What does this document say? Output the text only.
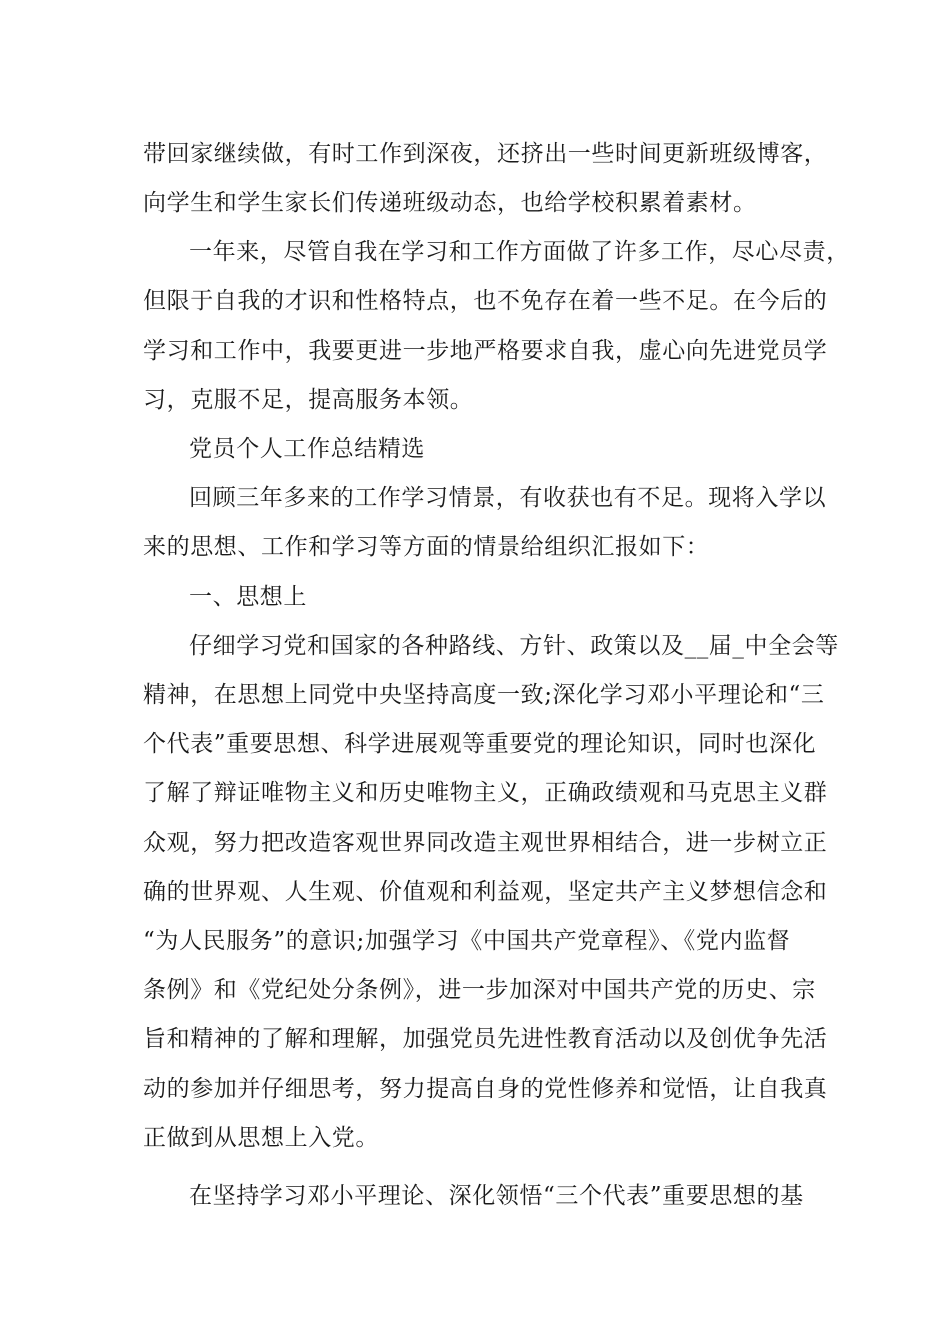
带回家继续做，有时工作到深夜，还挤出一些时间更新班级博客，
向学生和学生家长们传递班级动态，也给学校积累着素材。
一年来，尽管自我在学习和工作方面做了许多工作，尽心尽责，
但限于自我的才识和性格特点，也不免存在着一些不足。在今后的
学习和工作中，我要更进一步地严格要求自我，虚心向先进党员学
习，克服不足，提高服务本领。
党员个人工作总结精选
回顾三年多来的工作学习情景，有收获也有不足。现将入学以
来的思想、工作和学习等方面的情景给组织汇报如下：
一、思想上
仔细学习党和国家的各种路线、方针、政策以及__届_中全会等
精神，在思想上同党中央坚持高度一致;深化学习邓小平理论和“三
个代表”重要思想、科学进展观等重要党的理论知识，同时也深化
了解了辩证唯物主义和历史唯物主义，正确政绩观和马克思主义群
众观，努力把改造客观世界同改造主观世界相结合，进一步树立正
确的世界观、人生观、价值观和利益观，坚定共产主义梦想信念和
“为人民服务”的意识;加强学习《中国共产党章程》、《党内监督
条例》和《党纪处分条例》，进一步加深对中国共产党的历史、宗
旨和精神的了解和理解，加强党员先进性教育活动以及创优争先活
动的参加并仔细思考，努力提高自身的党性修养和觉悟，让自我真
正做到从思想上入党。
在坚持学习邓小平理论、深化领悟“三个代表”重要思想的基
